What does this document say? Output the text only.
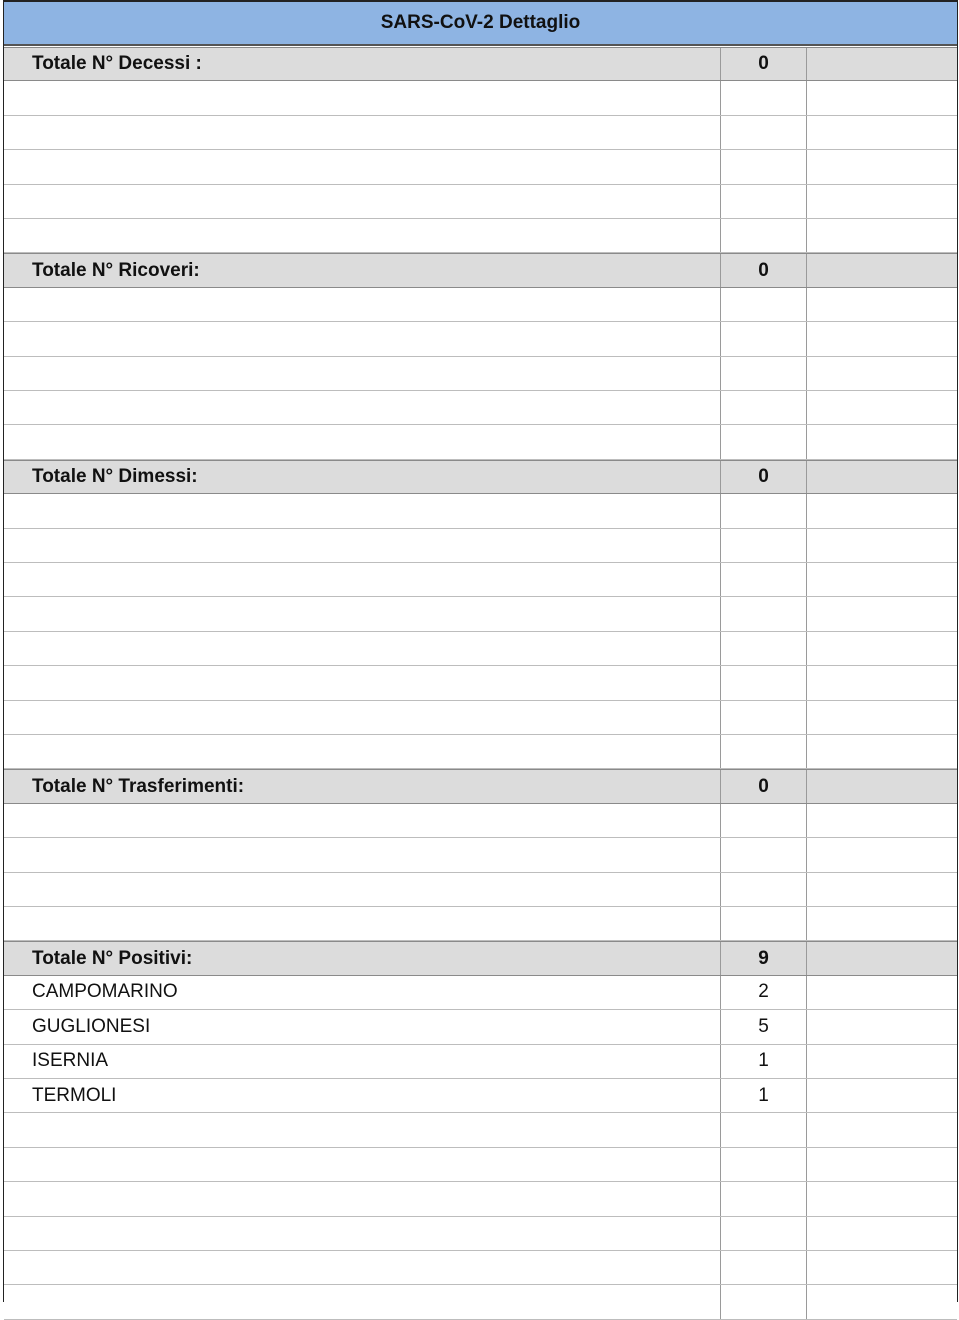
SARS-CoV-2 Dettaglio
Totale N° Decessi :	0
Totale N° Ricoveri:	0
Totale N° Dimessi:	0
Totale N° Trasferimenti:	0
Totale N° Positivi:	9
CAMPOMARINO	2
GUGLIONESI	5
ISERNIA	1
TERMOLI	1
